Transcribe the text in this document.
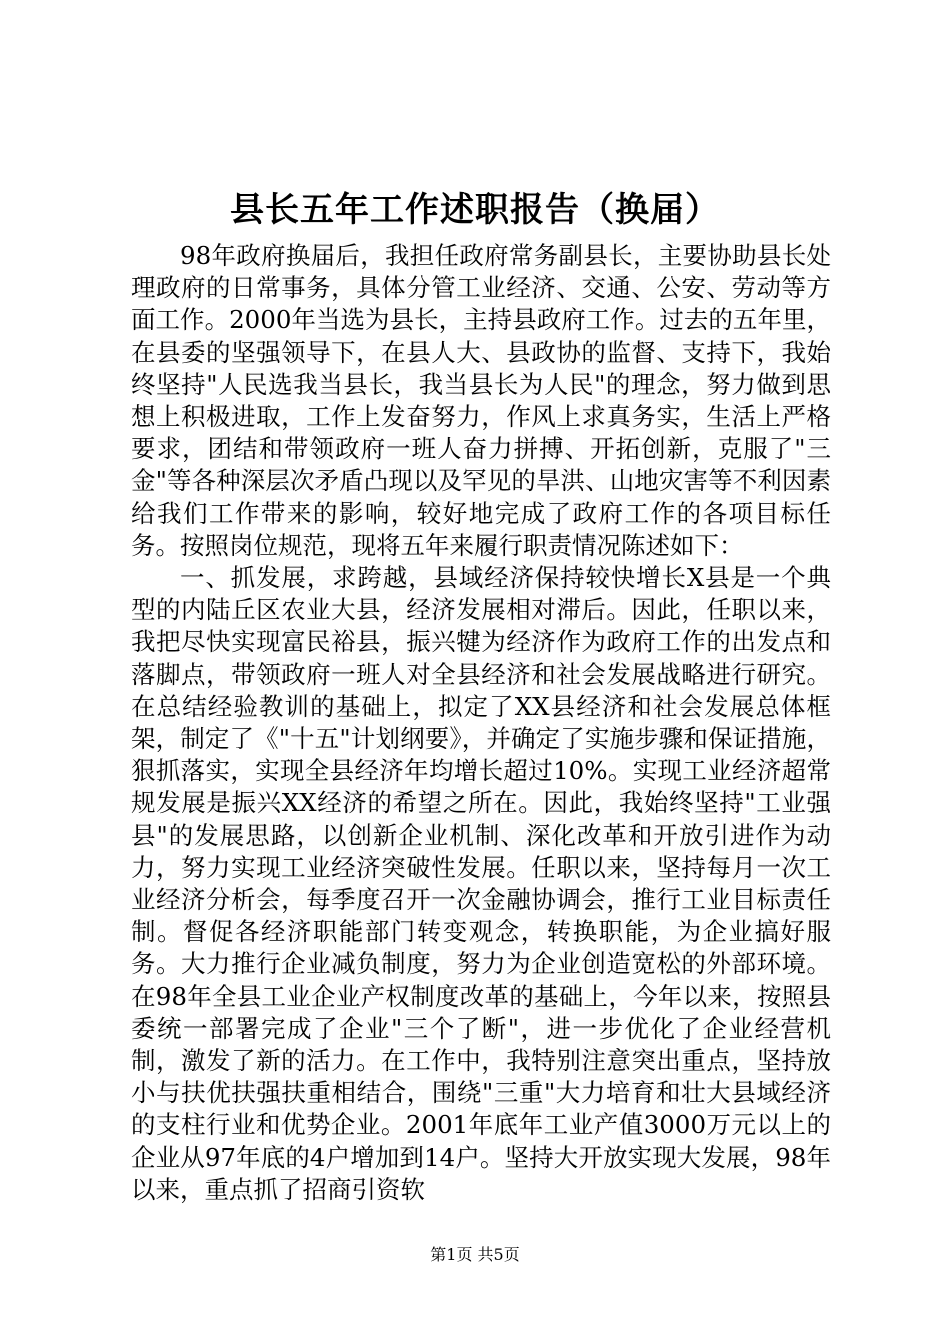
县长五年工作述职报告（换届）

98年政府换届后，我担任政府常务副县长，主要协助县长处理政府的日常事务，具体分管工业经济、交通、公安、劳动等方面工作。2000年当选为县长，主持县政府工作。过去的五年里，在县委的坚强领导下，在县人大、县政协的监督、支持下，我始终坚持"人民选我当县长，我当县长为人民"的理念，努力做到思想上积极进取，工作上发奋努力，作风上求真务实，生活上严格要求，团结和带领政府一班人奋力拼搏、开拓创新，克服了"三金"等各种深层次矛盾凸现以及罕见的旱洪、山地灾害等不利因素给我们工作带来的影响，较好地完成了政府工作的各项目标任务。按照岗位规范，现将五年来履行职责情况陈述如下：

一、抓发展，求跨越，县域经济保持较快增长X县是一个典型的内陆丘区农业大县，经济发展相对滞后。因此，任职以来，我把尽快实现富民裕县，振兴犍为经济作为政府工作的出发点和落脚点，带领政府一班人对全县经济和社会发展战略进行研究。在总结经验教训的基础上，拟定了XX县经济和社会发展总体框架，制定了《"十五"计划纲要》，并确定了实施步骤和保证措施，狠抓落实，实现全县经济年均增长超过10%。实现工业经济超常规发展是振兴XX经济的希望之所在。因此，我始终坚持"工业强县"的发展思路，以创新企业机制、深化改革和开放引进作为动力，努力实现工业经济突破性发展。任职以来，坚持每月一次工业经济分析会，每季度召开一次金融协调会，推行工业目标责任制。督促各经济职能部门转变观念，转换职能，为企业搞好服务。大力推行企业减负制度，努力为企业创造宽松的外部环境。在98年全县工业企业产权制度改革的基础上，今年以来，按照县委统一部署完成了企业"三个了断"，进一步优化了企业经营机制，激发了新的活力。在工作中，我特别注意突出重点，坚持放小与扶优扶强扶重相结合，围绕"三重"大力培育和壮大县域经济的支柱行业和优势企业。2001年底年工业产值3000万元以上的企业从97年底的4户增加到14户。坚持大开放实现大发展，98年以来，重点抓了招商引资软

第1页 共5页
